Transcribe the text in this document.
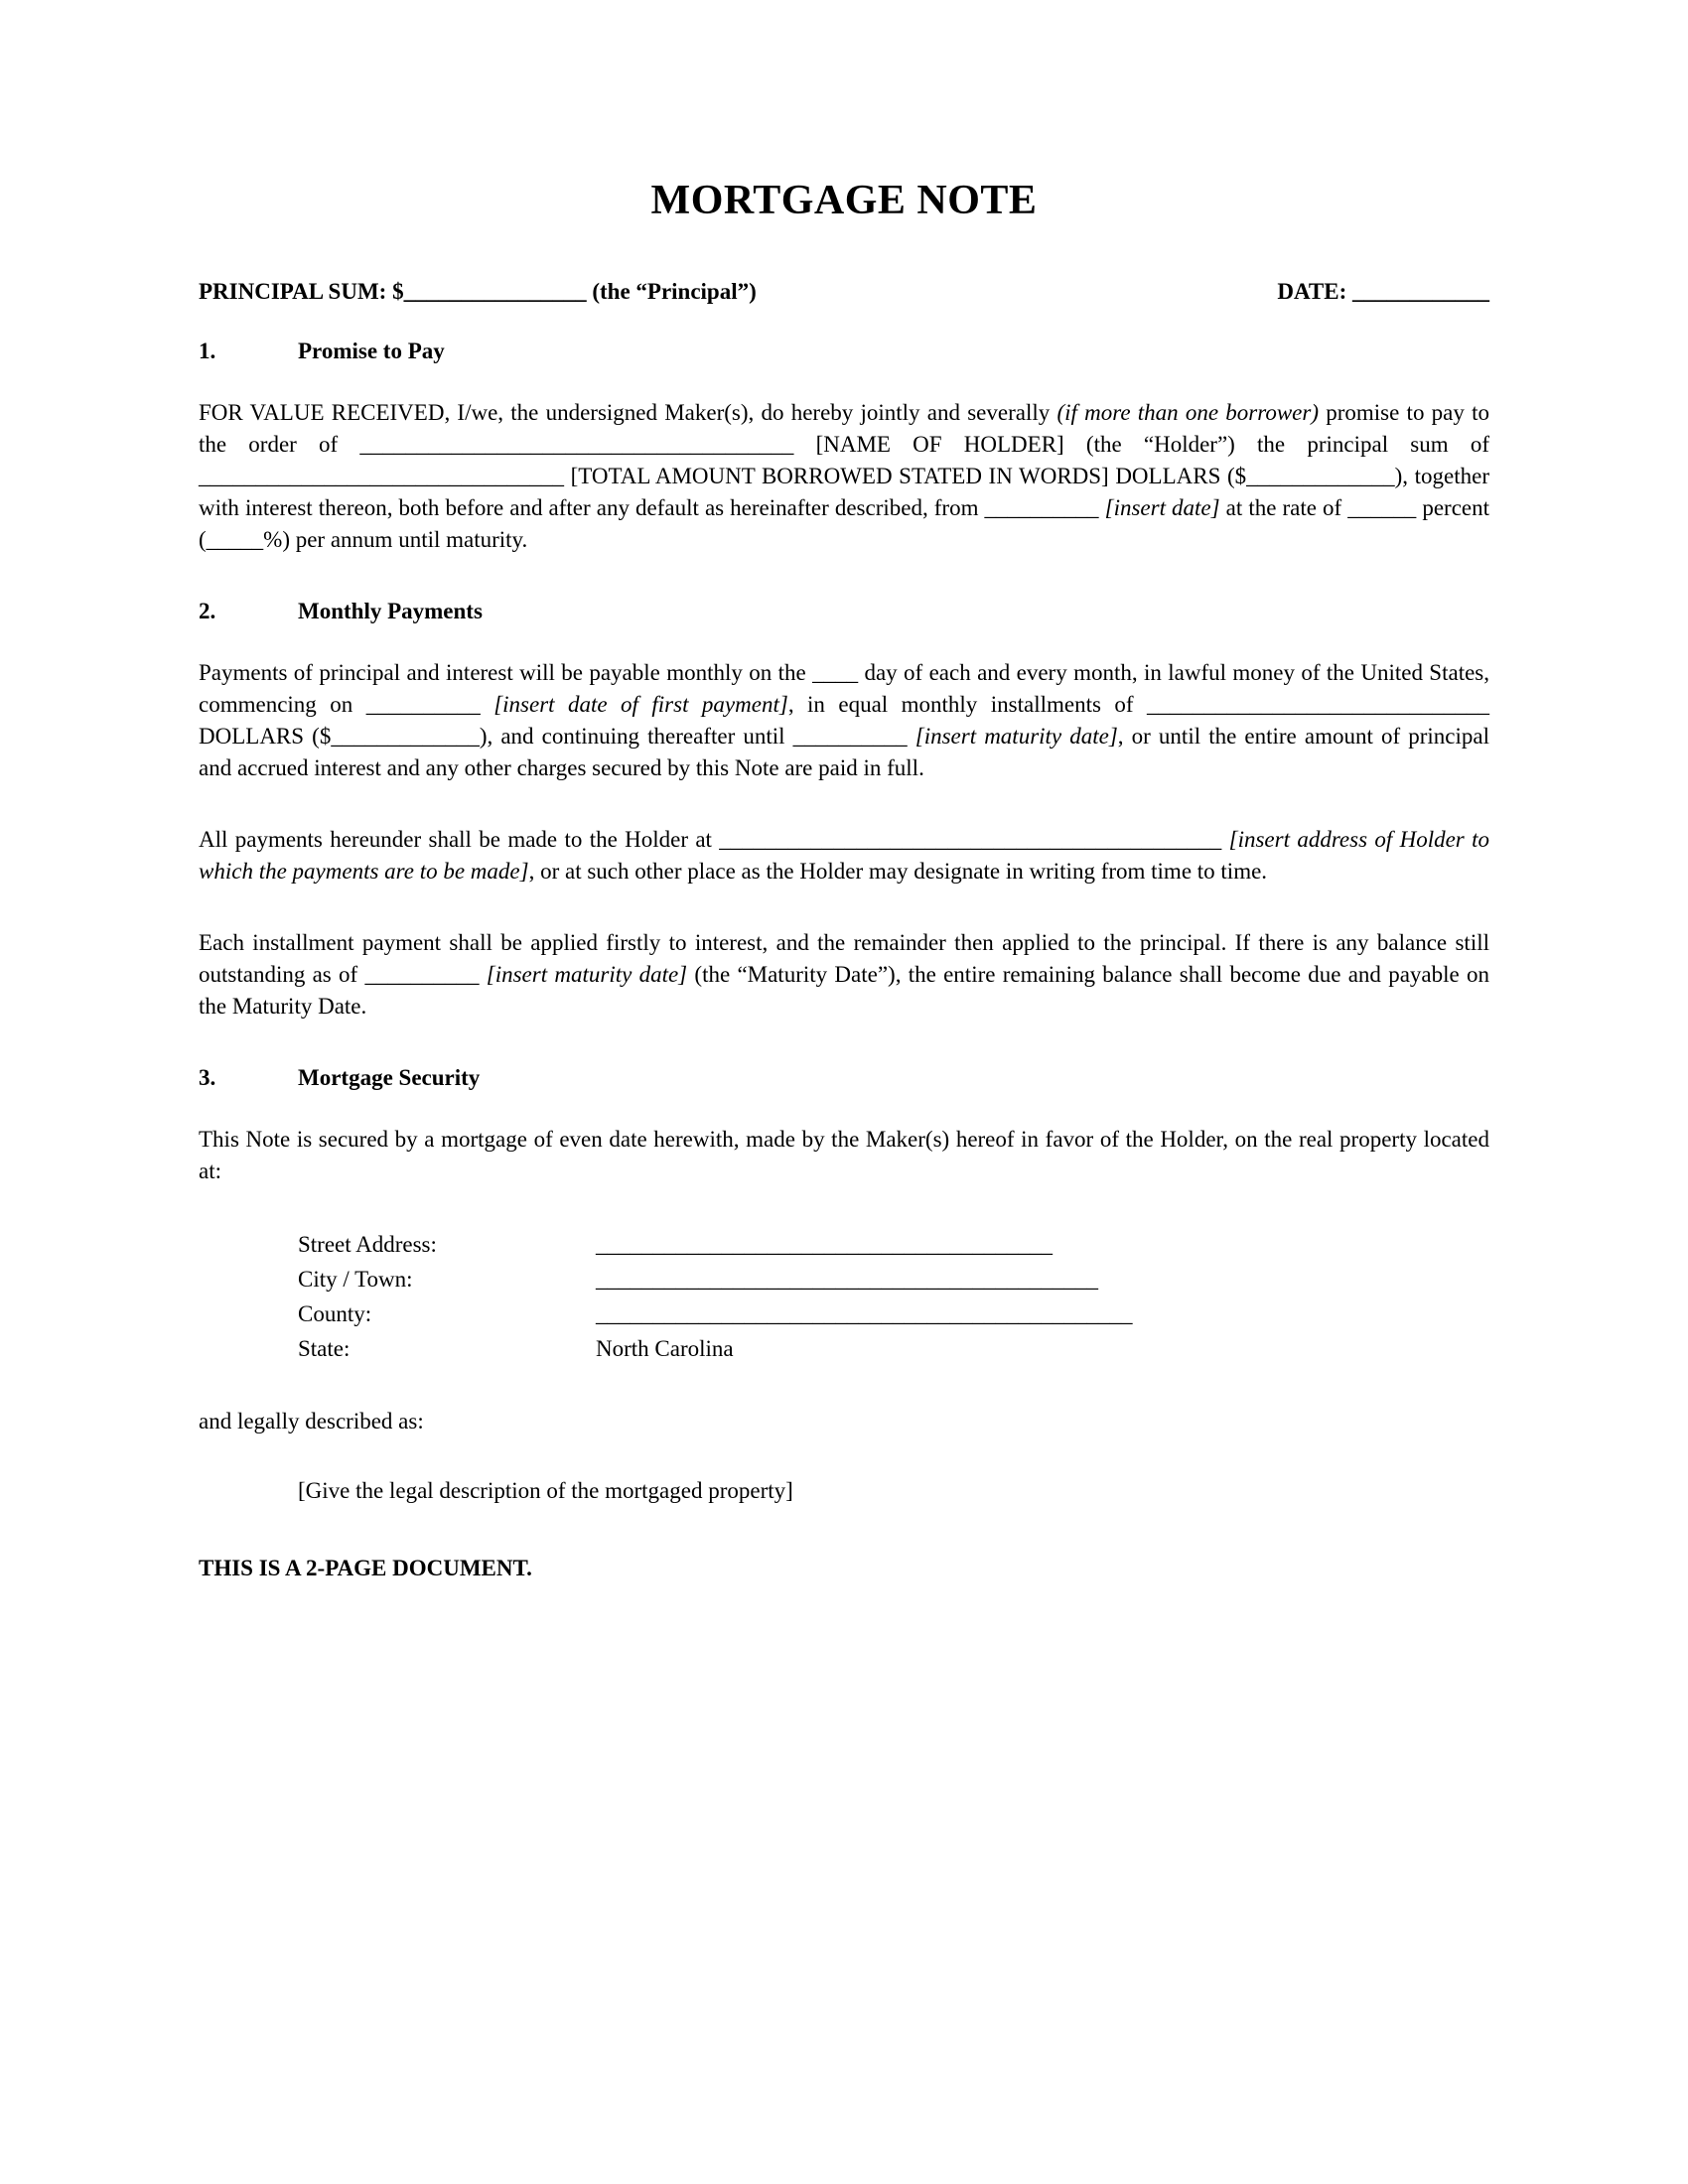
MORTGAGE NOTE
PRINCIPAL SUM: $________________ (the “Principal”)	DATE: ____________
1.	Promise to Pay

FOR VALUE RECEIVED, I/we, the undersigned Maker(s), do hereby jointly and severally (if more than one borrower) promise to pay to the order of ______________________________________ [NAME OF HOLDER] (the “Holder”) the principal sum of ________________________________ [TOTAL AMOUNT BORROWED STATED IN WORDS] DOLLARS ($_____________), together with interest thereon, both before and after any default as hereinafter described, from __________ [insert date] at the rate of ______ percent (_____%) per annum until maturity.

2.	Monthly Payments

Payments of principal and interest will be payable monthly on the ____ day of each and every month, in lawful money of the United States, commencing on __________ [insert date of first payment], in equal monthly installments of ______________________________ DOLLARS ($_____________), and continuing thereafter until __________ [insert maturity date], or until the entire amount of principal and accrued interest and any other charges secured by this Note are paid in full.

All payments hereunder shall be made to the Holder at ____________________________________________ [insert address of Holder to which the payments are to be made], or at such other place as the Holder may designate in writing from time to time.

Each installment payment shall be applied firstly to interest, and the remainder then applied to the principal. If there is any balance still outstanding as of __________ [insert maturity date] (the “Maturity Date”), the entire remaining balance shall become due and payable on the Maturity Date.

3.	Mortgage Security

This Note is secured by a mortgage of even date herewith, made by the Maker(s) hereof in favor of the Holder, on the real property located at:

Street Address:	________________________________________
City / Town:	____________________________________________
County:	_______________________________________________
State:	North Carolina

and legally described as:

[Give the legal description of the mortgaged property]

THIS IS A 2-PAGE DOCUMENT.
